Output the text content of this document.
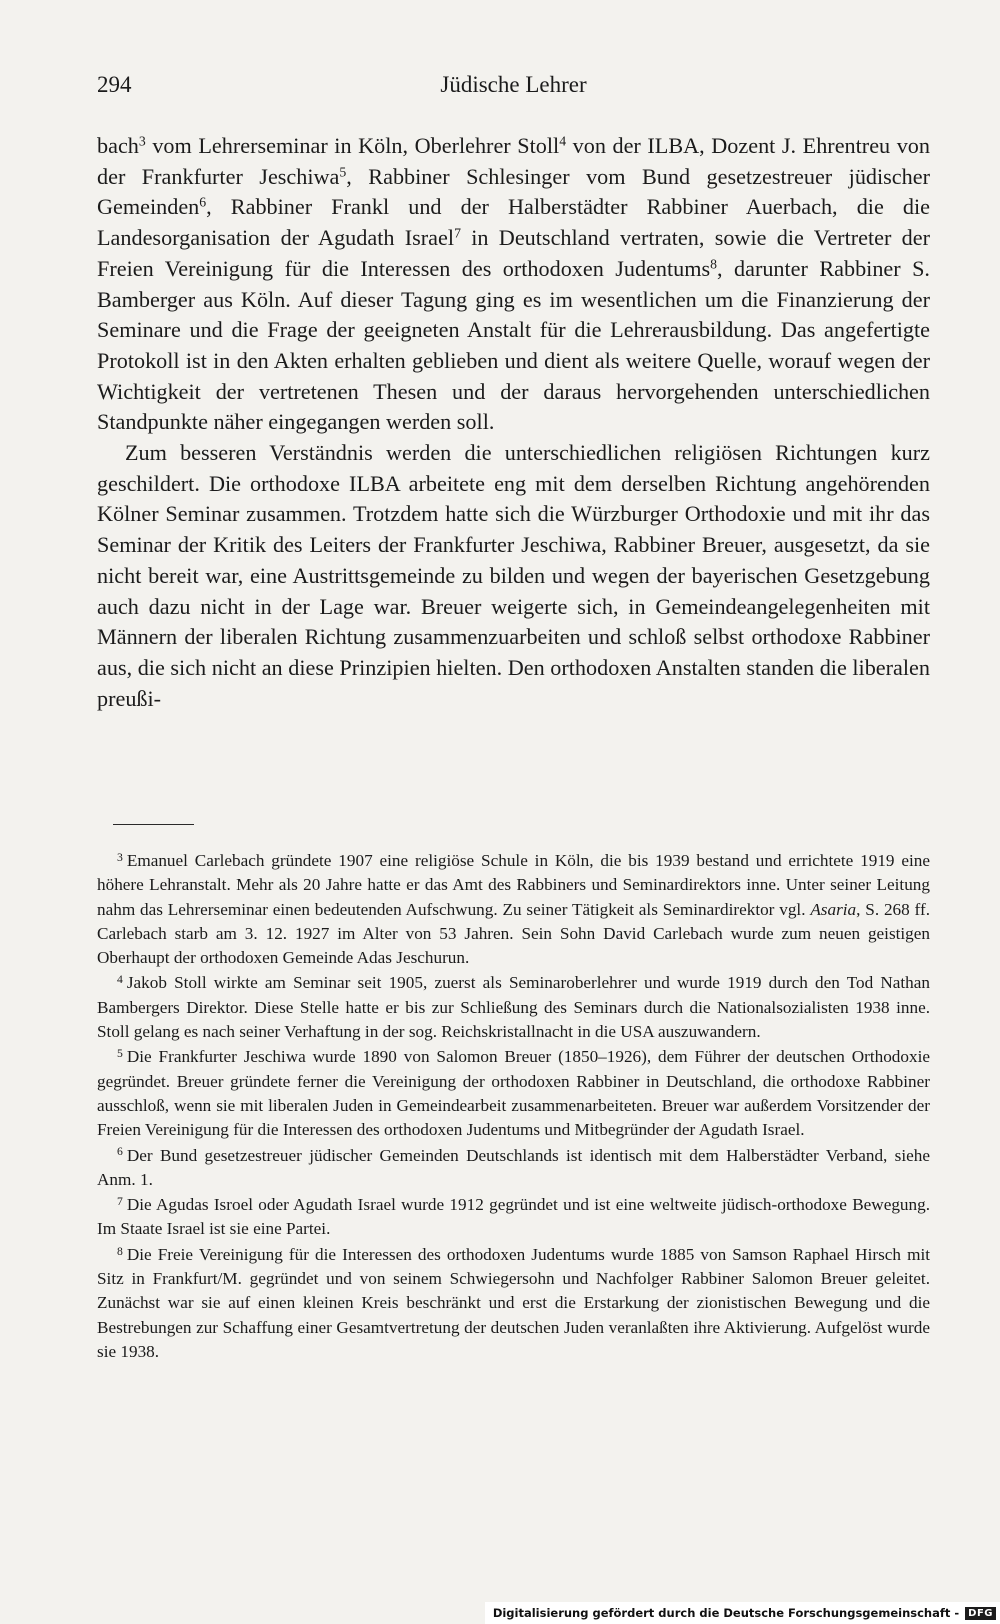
294	Jüdische Lehrer

bach$^3$ vom Lehrerseminar in Köln, Oberlehrer Stoll$^4$ von der ILBA, Dozent J. Ehrentreu von der Frankfurter Jeschiwa$^5$, Rabbiner Schlesinger vom Bund gesetzestreuer jüdischer Gemeinden$^6$, Rabbiner Frankl und der Halberstädter Rabbiner Auerbach, die die Landesorganisation der Agudath Israel$^7$ in Deutschland vertraten, sowie die Vertreter der Freien Vereinigung für die Interessen des orthodoxen Judentums$^8$, darunter Rabbiner S. Bamberger aus Köln. Auf dieser Tagung ging es im wesentlichen um die Finanzierung der Seminare und die Frage der geeigneten Anstalt für die Lehrerausbildung. Das angefertigte Protokoll ist in den Akten erhalten geblieben und dient als weitere Quelle, worauf wegen der Wichtigkeit der vertretenen Thesen und der daraus hervorgehenden unterschiedlichen Standpunkte näher eingegangen werden soll.

Zum besseren Verständnis werden die unterschiedlichen religiösen Richtungen kurz geschildert. Die orthodoxe ILBA arbeitete eng mit dem derselben Richtung angehörenden Kölner Seminar zusammen. Trotzdem hatte sich die Würzburger Orthodoxie und mit ihr das Seminar der Kritik des Leiters der Frankfurter Jeschiwa, Rabbiner Breuer, ausgesetzt, da sie nicht bereit war, eine Austrittsgemeinde zu bilden und wegen der bayerischen Gesetzgebung auch dazu nicht in der Lage war. Breuer weigerte sich, in Gemeindeangelegenheiten mit Männern der liberalen Richtung zusammenzuarbeiten und schloß selbst orthodoxe Rabbiner aus, die sich nicht an diese Prinzipien hielten. Den orthodoxen Anstalten standen die liberalen preußi-

$^3$ Emanuel Carlebach gründete 1907 eine religiöse Schule in Köln, die bis 1939 bestand und errichtete 1919 eine höhere Lehranstalt. Mehr als 20 Jahre hatte er das Amt des Rabbiners und Seminardirektors inne. Unter seiner Leitung nahm das Lehrerseminar einen bedeutenden Aufschwung. Zu seiner Tätigkeit als Seminardirektor vgl. Asaria, S. 268 ff. Carlebach starb am 3. 12. 1927 im Alter von 53 Jahren. Sein Sohn David Carlebach wurde zum neuen geistigen Oberhaupt der orthodoxen Gemeinde Adas Jeschurun.

$^4$ Jakob Stoll wirkte am Seminar seit 1905, zuerst als Seminaroberlehrer und wurde 1919 durch den Tod Nathan Bambergers Direktor. Diese Stelle hatte er bis zur Schließung des Seminars durch die Nationalsozialisten 1938 inne. Stoll gelang es nach seiner Verhaftung in der sog. Reichskristallnacht in die USA auszuwandern.

$^5$ Die Frankfurter Jeschiwa wurde 1890 von Salomon Breuer (1850–1926), dem Führer der deutschen Orthodoxie gegründet. Breuer gründete ferner die Vereinigung der orthodoxen Rabbiner in Deutschland, die orthodoxe Rabbiner ausschloß, wenn sie mit liberalen Juden in Gemeindearbeit zusammenarbeiteten. Breuer war außerdem Vorsitzender der Freien Vereinigung für die Interessen des orthodoxen Judentums und Mitbegründer der Agudath Israel.

$^6$ Der Bund gesetzestreuer jüdischer Gemeinden Deutschlands ist identisch mit dem Halberstädter Verband, siehe Anm. 1.

$^7$ Die Agudas Isroel oder Agudath Israel wurde 1912 gegründet und ist eine weltweite jüdisch-orthodoxe Bewegung. Im Staate Israel ist sie eine Partei.

$^8$ Die Freie Vereinigung für die Interessen des orthodoxen Judentums wurde 1885 von Samson Raphael Hirsch mit Sitz in Frankfurt/M. gegründet und von seinem Schwiegersohn und Nachfolger Rabbiner Salomon Breuer geleitet. Zunächst war sie auf einen kleinen Kreis beschränkt und erst die Erstarkung der zionistischen Bewegung und die Bestrebungen zur Schaffung einer Gesamtvertretung der deutschen Juden veranlaßten ihre Aktivierung. Aufgelöst wurde sie 1938.

Digitalisierung gefördert durch die Deutsche Forschungsgemeinschaft - DFG
